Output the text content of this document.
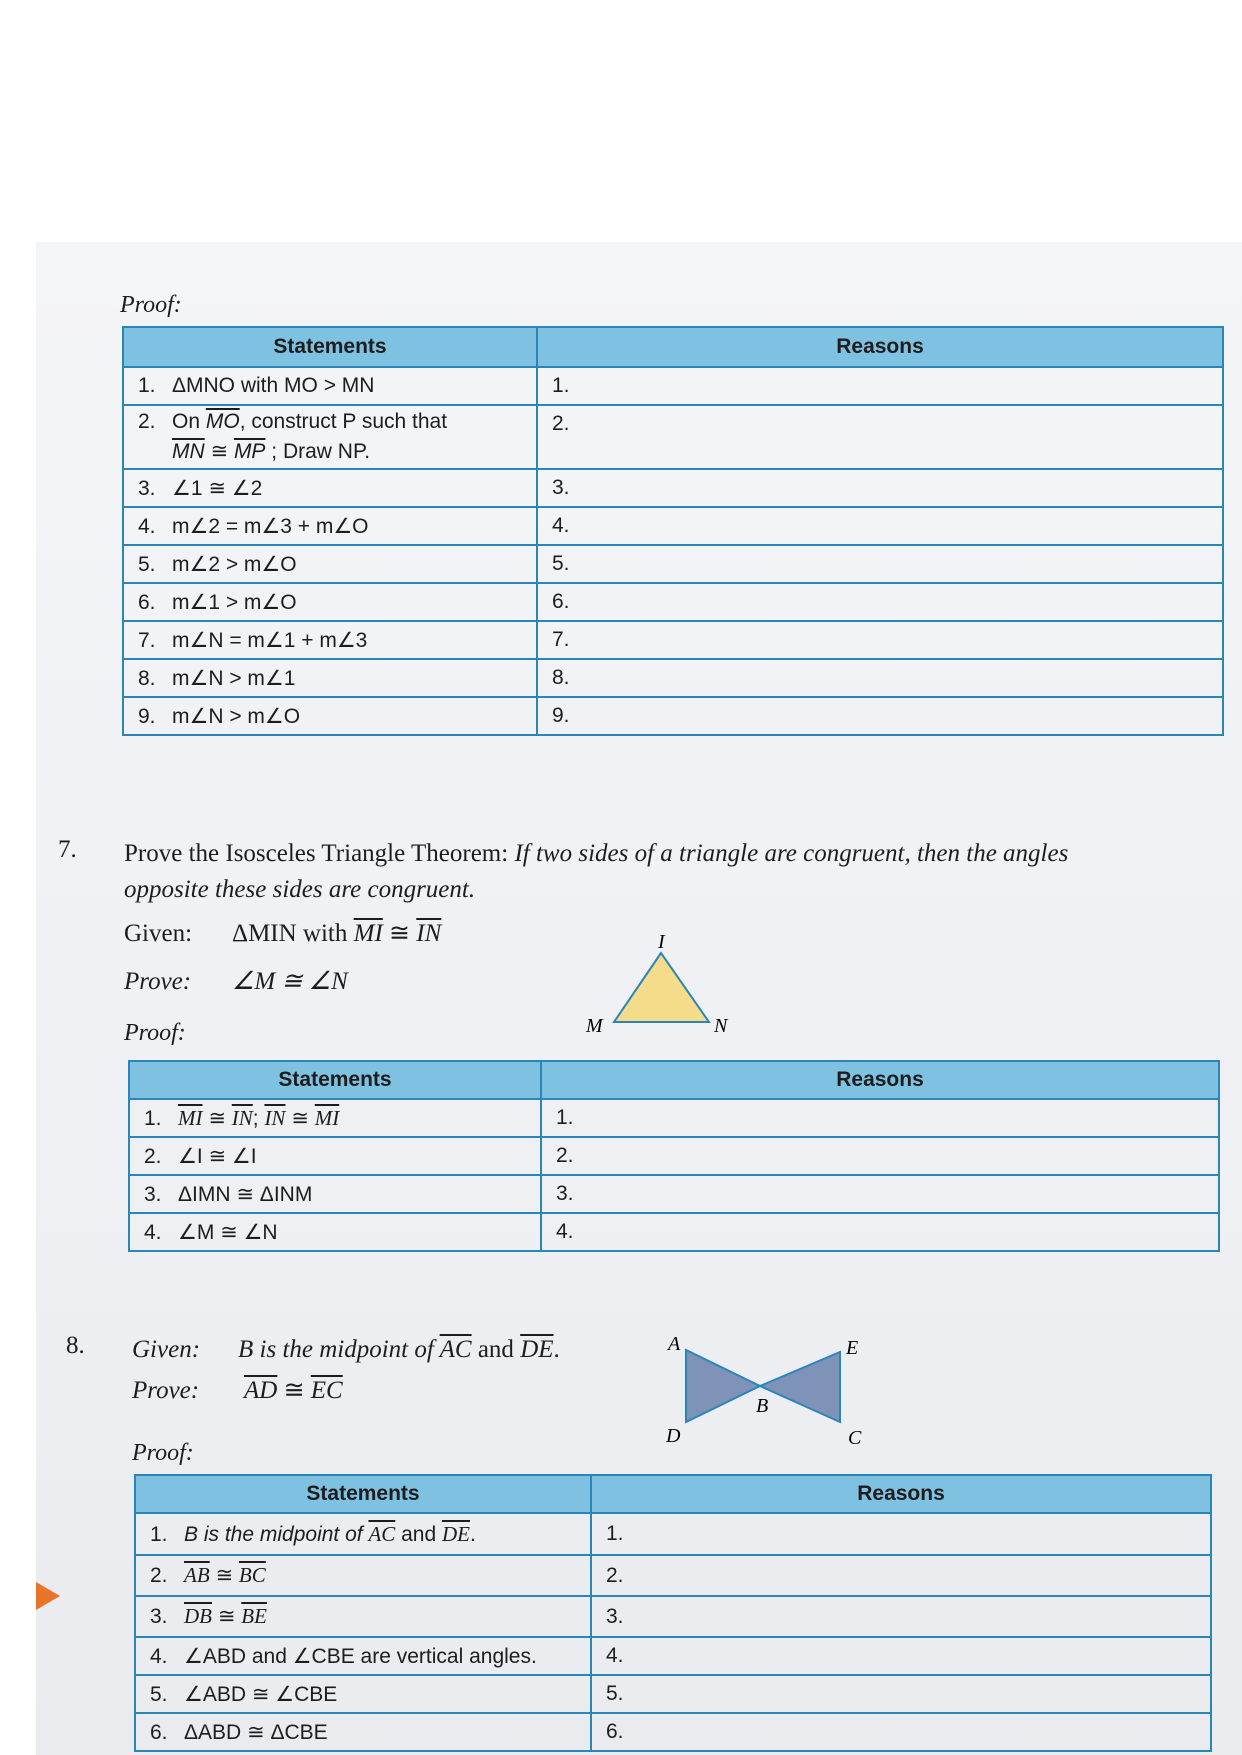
Proof:
Statements	Reasons
1. ΔMNO with MO > MN	1.
2. On $\overline{MO}$, construct P such that
$\overline{MN}$ ≅ $\overline{MP}$ ; Draw NP.	2.
3. ∠1 ≅ ∠2	3.
4. m∠2 = m∠3 + m∠O	4.
5. m∠2 > m∠O	5.
6. m∠1 > m∠O	6.
7. m∠N = m∠1 + m∠3	7.
8. m∠N > m∠1	8.
9. m∠N > m∠O	9.
7. Prove the Isosceles Triangle Theorem: If two sides of a triangle are congruent, then the angles
opposite these sides are congruent.
Given: ΔMIN with $\overline{MI}$ ≅ $\overline{IN}$
Prove: ∠M ≅ ∠N
Proof:
I
M	N
Statements	Reasons
1. $\overline{MI}$ ≅ $\overline{IN}$; $\overline{IN}$ ≅ $\overline{MI}$	1.
2. ∠I ≅ ∠I	2.
3. ΔIMN ≅ ΔINM	3.
4. ∠M ≅ ∠N	4.
8. Given: B is the midpoint of $\overline{AC}$ and $\overline{DE}$.
Prove: $\overline{AD}$ ≅ $\overline{EC}$
Proof:
A
B
C
D
E
Statements	Reasons
1. B is the midpoint of $\overline{AC}$ and $\overline{DE}$.	1.
2. $\overline{AB}$ ≅ $\overline{BC}$	2.
3. $\overline{DB}$ ≅ $\overline{BE}$	3.
4. ∠ABD and ∠CBE are vertical angles.	4.
5. ∠ABD ≅ ∠CBE	5.
6. ΔABD ≅ ΔCBE	6.
